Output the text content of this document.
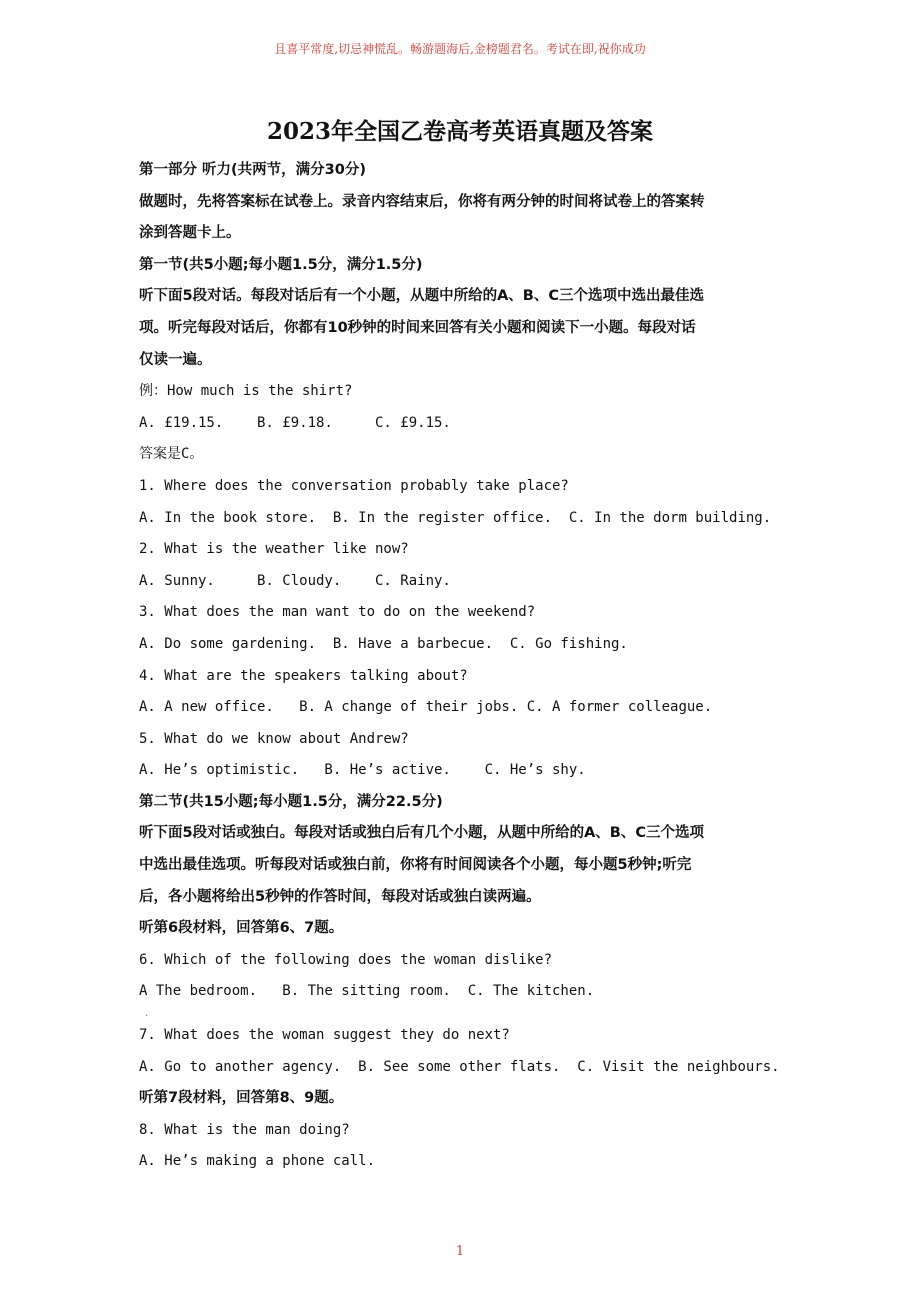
且喜平常度,切忌神慌乱。畅游题海后,金榜题君名。考试在即,祝你成功
2023年全国乙卷高考英语真题及答案
第一部分 听力(共两节，满分30分)
做题时，先将答案标在试卷上。录音内容结束后，你将有两分钟的时间将试卷上的答案转
涂到答题卡上。
第一节(共5小题;每小题1.5分，满分1.5分)
听下面5段对话。每段对话后有一个小题，从题中所给的A、B、C三个选项中选出最佳选
项。听完每段对话后，你都有10秒钟的时间来回答有关小题和阅读下一小题。每段对话
仅读一遍。
例：How much is the shirt?
A. £19.15.    B. £9.18.     C. £9.15.
答案是C。
1. Where does the conversation probably take place?
A. In the book store.  B. In the register office.  C. In the dorm building.
2. What is the weather like now?
A. Sunny.     B. Cloudy.    C. Rainy.
3. What does the man want to do on the weekend?
A. Do some gardening.  B. Have a barbecue.  C. Go fishing.
4. What are the speakers talking about?
A. A new office.   B. A change of their jobs. C. A former colleague.
5. What do we know about Andrew?
A. He’s optimistic.   B. He’s active.    C. He’s shy.
第二节(共15小题;每小题1.5分，满分22.5分)
听下面5段对话或独白。每段对话或独白后有几个小题，从题中所给的A、B、C三个选项
中选出最佳选项。听每段对话或独白前，你将有时间阅读各个小题，每小题5秒钟;听完
后，各小题将给出5秒钟的作答时间，每段对话或独白读两遍。
听第6段材料，回答第6、7题。
6. Which of the following does the woman dislike?
A The bedroom.   B. The sitting room.  C. The kitchen.
.
7. What does the woman suggest they do next?
A. Go to another agency.  B. See some other flats.  C. Visit the neighbours.
听第7段材料，回答第8、9题。
8. What is the man doing?
A. He’s making a phone call.
1
